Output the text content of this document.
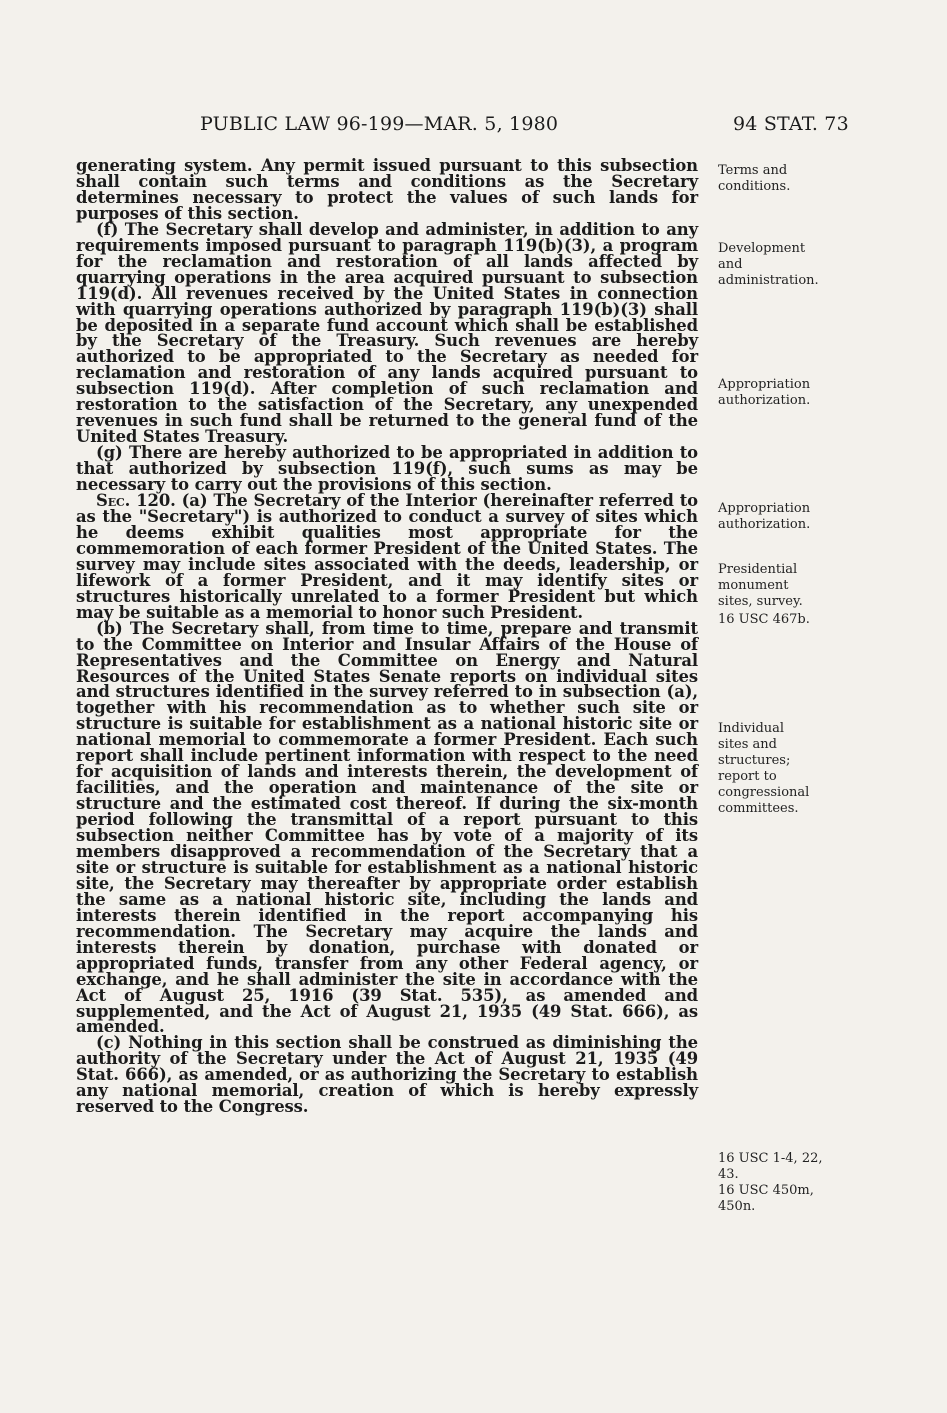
PUBLIC LAW 96-199—MAR. 5, 1980	94 STAT. 73

generating system. Any permit issued pursuant to this subsection shall contain such terms and conditions as the Secretary determines necessary to protect the values of such lands for purposes of this section.

(f) The Secretary shall develop and administer, in addition to any requirements imposed pursuant to paragraph 119(b)(3), a program for the reclamation and restoration of all lands affected by quarrying operations in the area acquired pursuant to subsection 119(d). All revenues received by the United States in connection with quarrying operations authorized by paragraph 119(b)(3) shall be deposited in a separate fund account which shall be established by the Secretary of the Treasury. Such revenues are hereby authorized to be appropriated to the Secretary as needed for reclamation and restoration of any lands acquired pursuant to subsection 119(d). After completion of such reclamation and restoration to the satisfaction of the Secretary, any unexpended revenues in such fund shall be returned to the general fund of the United States Treasury.

(g) There are hereby authorized to be appropriated in addition to that authorized by subsection 119(f), such sums as may be necessary to carry out the provisions of this section.

Sec. 120. (a) The Secretary of the Interior (hereinafter referred to as the "Secretary") is authorized to conduct a survey of sites which he deems exhibit qualities most appropriate for the commemoration of each former President of the United States. The survey may include sites associated with the deeds, leadership, or lifework of a former President, and it may identify sites or structures historically unrelated to a former President but which may be suitable as a memorial to honor such President.

(b) The Secretary shall, from time to time, prepare and transmit to the Committee on Interior and Insular Affairs of the House of Representatives and the Committee on Energy and Natural Resources of the United States Senate reports on individual sites and structures identified in the survey referred to in subsection (a), together with his recommendation as to whether such site or structure is suitable for establishment as a national historic site or national memorial to commemorate a former President. Each such report shall include pertinent information with respect to the need for acquisition of lands and interests therein, the development of facilities, and the operation and maintenance of the site or structure and the estimated cost thereof. If during the six-month period following the transmittal of a report pursuant to this subsection neither Committee has by vote of a majority of its members disapproved a recommendation of the Secretary that a site or structure is suitable for establishment as a national historic site, the Secretary may thereafter by appropriate order establish the same as a national historic site, including the lands and interests therein identified in the report accompanying his recommendation. The Secretary may acquire the lands and interests therein by donation, purchase with donated or appropriated funds, transfer from any other Federal agency, or exchange, and he shall administer the site in accordance with the Act of August 25, 1916 (39 Stat. 535), as amended and supplemented, and the Act of August 21, 1935 (49 Stat. 666), as amended.

(c) Nothing in this section shall be construed as diminishing the authority of the Secretary under the Act of August 21, 1935 (49 Stat. 666), as amended, or as authorizing the Secretary to establish any national memorial, creation of which is hereby expressly reserved to the Congress.

Terms and
conditions.
Development
and
administration.
Appropriation
authorization.
Appropriation
authorization.
Presidential
monument
sites, survey.
16 USC 467b.
Individual
sites and
structures;
report to
congressional
committees.
16 USC 1-4, 22,
43.
16 USC 450m,
450n.
